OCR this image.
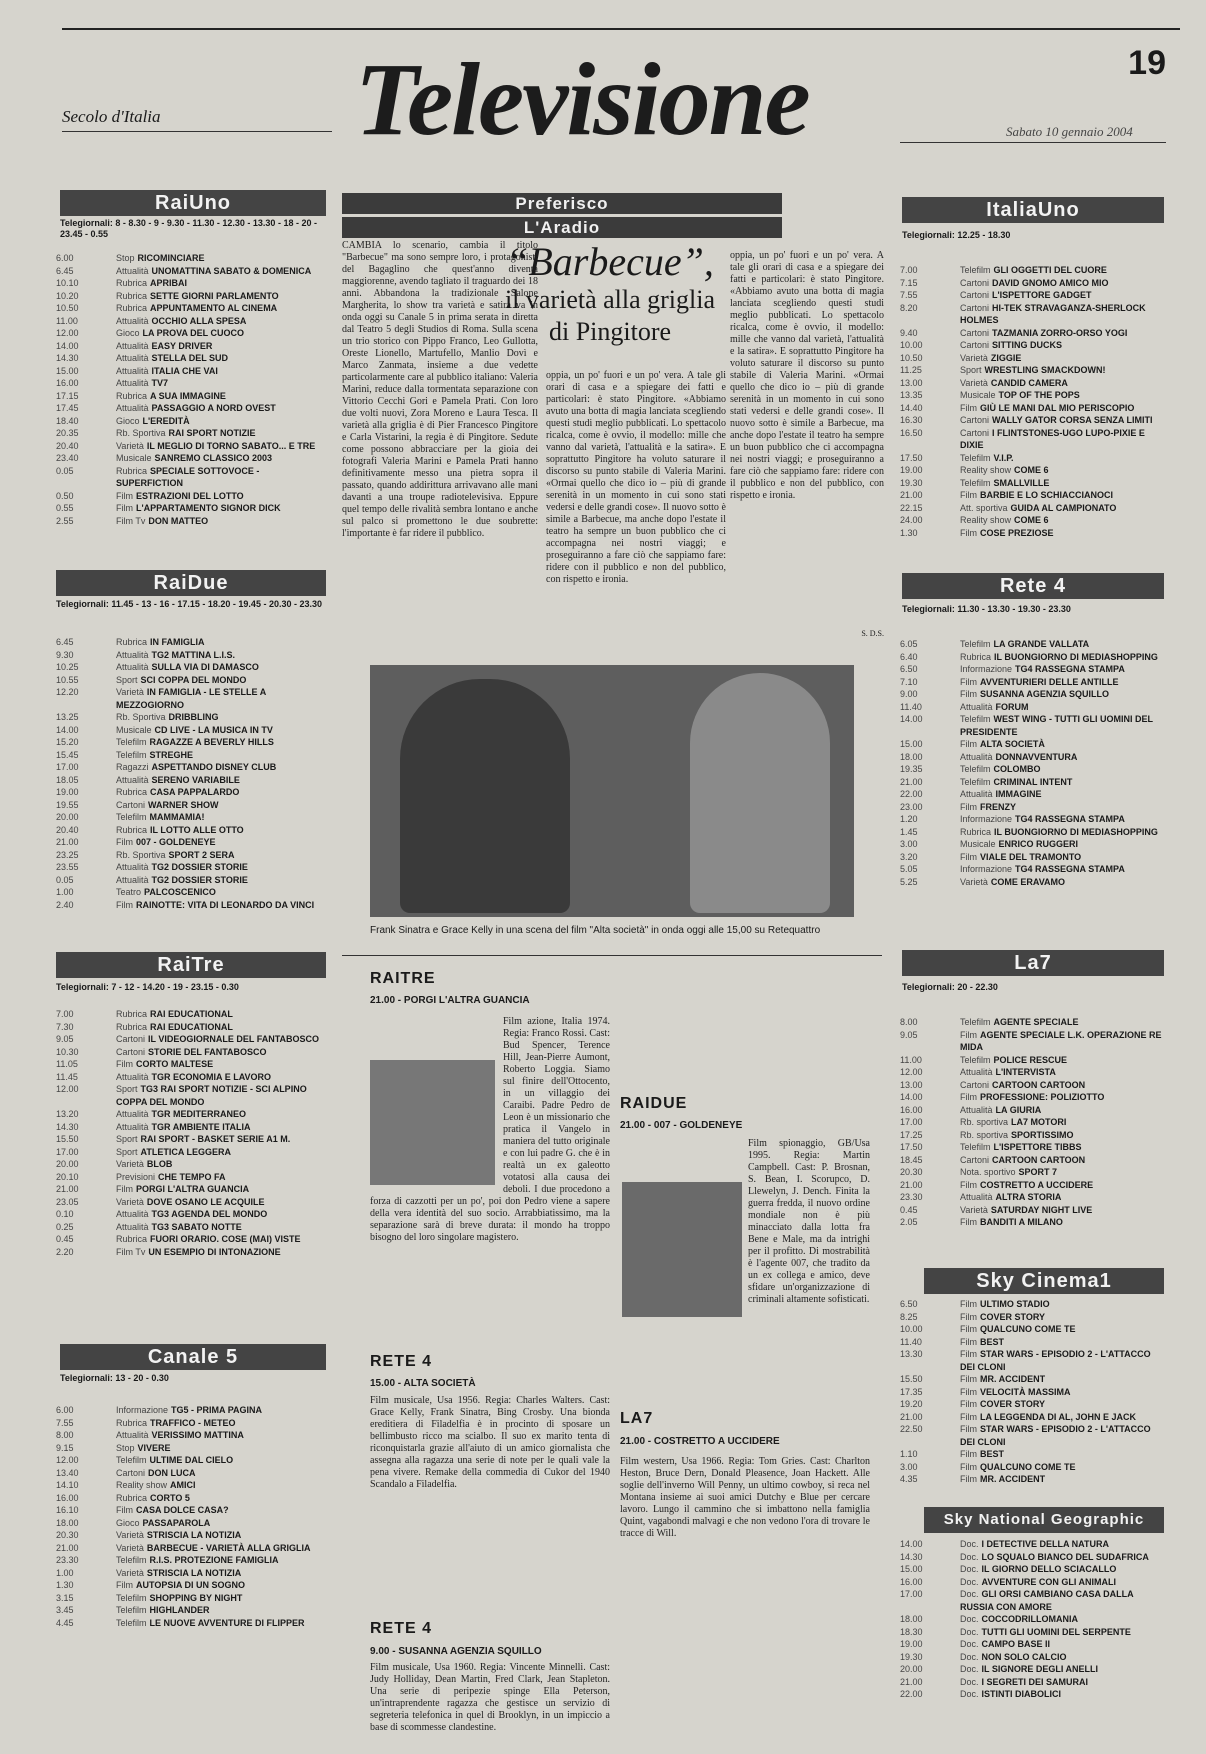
19
Secolo d'Italia Televisione	Sabato 10 gennaio 2004
RaiUno
Telegiornali: 8 - 8.30 - 9 - 9.30 - 11.30 - 12.30 - 13.30 - 18 - 20 - 23.45 - 0.55
6.00	Stop RICOMINCIARE
6.45	Attualità UNOMATTINA SABATO & DOMENICA
10.10	Rubrica APRIBAI
10.20	Rubrica SETTE GIORNI PARLAMENTO
10.50	Rubrica APPUNTAMENTO AL CINEMA
11.00	Attualità OCCHIO ALLA SPESA
12.00	Gioco LA PROVA DEL CUOCO
14.00	Attualità EASY DRIVER
14.30	Attualità STELLA DEL SUD
15.00	Attualità ITALIA CHE VAI
16.00	Attualità TV7
17.15	Rubrica A SUA IMMAGINE
17.45	Attualità PASSAGGIO A NORD OVEST
18.40	Gioco L'EREDITÀ
20.35	Rb. Sportiva RAI SPORT NOTIZIE
20.40	Varietà IL MEGLIO DI TORNO SABATO... E TRE
23.40	Musicale SANREMO CLASSICO 2003
0.05	Rubrica SPECIALE SOTTOVOCE - SUPERFICTION
0.50	Film ESTRAZIONI DEL LOTTO
0.55	Film L'APPARTAMENTO SIGNOR DICK
2.55	Film Tv DON MATTEO
RaiDue
Telegiornali: 11.45 - 13 - 16 - 17.15 - 18.20 - 19.45 - 20.30 - 23.30
6.45	Rubrica IN FAMIGLIA
9.30	Attualità TG2 MATTINA L.I.S.
10.25	Attualità SULLA VIA DI DAMASCO
10.55	Sport SCI COPPA DEL MONDO
12.20	Varietà IN FAMIGLIA - LE STELLE A MEZZOGIORNO
13.25	Rb. Sportiva DRIBBLING
14.00	Musicale CD LIVE - LA MUSICA IN TV
15.20	Telefilm RAGAZZE A BEVERLY HILLS
15.45	Telefilm STREGHE
17.00	Ragazzi ASPETTANDO DISNEY CLUB
18.05	Attualità SERENO VARIABILE
19.00	Rubrica CASA PAPPALARDO
19.55	Cartoni WARNER SHOW
20.00	Telefilm MAMMAMIA!
20.40	Rubrica IL LOTTO ALLE OTTO
21.00	Film 007 - GOLDENEYE
23.25	Rb. Sportiva SPORT 2 SERA
23.55	Attualità TG2 DOSSIER STORIE
0.05	Attualità TG2 DOSSIER STORIE
1.00	Teatro PALCOSCENICO
2.40	Film RAINOTTE: VITA DI LEONARDO DA VINCI
RaiTre
Telegiornali: 7 - 12 - 14.20 - 19 - 23.15 - 0.30
7.00	Rubrica RAI EDUCATIONAL
7.30	Rubrica RAI EDUCATIONAL
9.05	Cartoni IL VIDEOGIORNALE DEL FANTABOSCO
10.30	Cartoni STORIE DEL FANTABOSCO
11.05	Film CORTO MALTESE
11.45	Attualità TGR ECONOMIA E LAVORO
12.00	Sport TG3 RAI SPORT NOTIZIE - SCI ALPINO COPPA DEL MONDO
13.20	Attualità TGR MEDITERRANEO
14.30	Attualità TGR AMBIENTE ITALIA
15.50	Sport RAI SPORT - BASKET SERIE A1 M.
17.00	Sport ATLETICA LEGGERA
20.00	Varietà BLOB
20.10	Previsioni CHE TEMPO FA
21.00	Film PORGI L'ALTRA GUANCIA
23.05	Varietà DOVE OSANO LE ACQUILE
0.10	Attualità TG3 AGENDA DEL MONDO
0.25	Attualità TG3 SABATO NOTTE
0.45	Rubrica FUORI ORARIO. COSE (MAI) VISTE
2.20	Film Tv UN ESEMPIO DI INTONAZIONE
Canale 5
Telegiornali: 13 - 20 - 0.30
6.00	Informazione TG5 - PRIMA PAGINA
7.55	Rubrica TRAFFICO - METEO
8.00	Attualità VERISSIMO MATTINA
9.15	Stop VIVERE
12.00	Telefilm ULTIME DAL CIELO
13.40	Cartoni DON LUCA
14.10	Reality show AMICI
16.00	Rubrica CORTO 5
16.10	Film CASA DOLCE CASA?
18.00	Gioco PASSAPAROLA
20.30	Varietà STRISCIA LA NOTIZIA
21.00	Varietà BARBECUE - VARIETÀ ALLA GRIGLIA
23.30	Telefilm R.I.S. PROTEZIONE FAMIGLIA
1.00	Varietà STRISCIA LA NOTIZIA
1.30	Film AUTOPSIA DI UN SOGNO
3.15	Telefilm SHOPPING BY NIGHT
3.45	Telefilm HIGHLANDER
4.45	Telefilm LE NUOVE AVVENTURE DI FLIPPER
Preferisco
L'Aradio
CAMBIA lo scenario, cambia il titolo "Barbecue" ma sono sempre loro, i protagonisti del Bagaglino che quest'anno diventa maggiorenne, avendo tagliato il traguardo dei 18 anni. Abbandona la tradizionale Salone Margherita, lo show tra varietà e satira va in onda oggi su Canale 5 in prima serata in diretta dal Teatro 5 degli Studios di Roma. Sulla scena un trio storico con Pippo Franco, Leo Gullotta, Oreste Lionello, Martufello, Manlio Dovì e Marco Zanmata, insieme a due vedette particolarmente care al pubblico italiano: Valeria Marini, reduce dalla tormentata separazione con Vittorio Cecchi Gori e Pamela Prati. Con loro due volti nuovi, Zora Moreno e Laura Tesca. Il varietà alla griglia è di Pier Francesco Pingitore e Carla Vistarini, la regia è di Pingitore. Sedute come possono abbracciare per la gioia dei fotografi Valeria Marini e Pamela Prati hanno definitivamente messo una pietra sopra il passato, quando addirittura arrivavano alle mani davanti a una troupe radiotelevisiva. Eppure quel tempo delle rivalità sembra lontano e anche sul palco si promettono le due soubrette: l'importante è far ridere il pubblico.
“Barbecue”,
il varietà alla griglia
di Pingitore
oppia, un po' fuori e un po' vera. A tale gli orari di casa e a spiegare dei fatti e particolari: è stato Pingitore. «Abbiamo avuto una botta di magia lanciata scegliendo questi studi meglio pubblicati. Lo spettacolo ricalca, come è ovvio, il modello: mille che vanno dal varietà, l'attualità e la satira». E soprattutto Pingitore ha voluto saturare il discorso su punto stabile di Valeria Marini. «Ormai quello che dico io – più di grande serenità in un momento in cui sono stati vedersi e delle grandi cose». Il nuovo sotto è simile a Barbecue, ma anche dopo l'estate il teatro ha sempre un buon pubblico che ci accompagna nei nostri viaggi; e proseguiranno a fare ciò che sappiamo fare: ridere con il pubblico e non del pubblico, con rispetto e ironia.
oppia, un po' fuori e un po' vera. A tale gli orari di casa e a spiegare dei fatti e particolari: è stato Pingitore. «Abbiamo avuto una botta di magia lanciata scegliendo questi studi meglio pubblicati. Lo spettacolo ricalca, come è ovvio, il modello: mille che vanno dal varietà, l'attualità e la satira». E soprattutto Pingitore ha voluto saturare il discorso su punto stabile di Valeria Marini. «Ormai quello che dico io – più di grande serenità in un momento in cui sono stati vedersi e delle grandi cose». Il nuovo sotto è simile a Barbecue, ma anche dopo l'estate il teatro ha sempre un buon pubblico che ci accompagna nei nostri viaggi; e proseguiranno a fare ciò che sappiamo fare: ridere con il pubblico e non del pubblico, con rispetto e ironia.
S. D.S.
Frank Sinatra e Grace Kelly in una scena del film "Alta società" in onda oggi alle 15,00 su Retequattro
RAITRE
21.00 - PORGI L'ALTRA GUANCIA
Film azione, Italia 1974. Regia: Franco Rossi. Cast: Bud Spencer, Terence Hill, Jean-Pierre Aumont, Roberto Loggia. Siamo sul finire dell'Ottocento, in un villaggio dei Caraibi. Padre Pedro de Leon è un missionario che pratica il Vangelo in maniera del tutto originale e con lui padre G. che è in realtà un ex galeotto votatosi alla causa dei deboli. I due procedono a forza di cazzotti per un po', poi don Pedro viene a sapere della vera identità del suo socio. Arrabbiatissimo, ma la separazione sarà di breve durata: il mondo ha troppo bisogno del loro singolare magistero.
RETE 4
15.00 - ALTA SOCIETÀ
Film musicale, Usa 1956. Regia: Charles Walters. Cast: Grace Kelly, Frank Sinatra, Bing Crosby. Una bionda ereditiera di Filadelfia è in procinto di sposare un bellimbusto ricco ma scialbo. Il suo ex marito tenta di riconquistarla grazie all'aiuto di un amico giornalista che assegna alla ragazza una serie di note per le quali vale la pena vivere. Remake della commedia di Cukor del 1940 Scandalo a Filadelfia.
RETE 4
9.00 - SUSANNA AGENZIA SQUILLO
Film musicale, Usa 1960. Regia: Vincente Minnelli. Cast: Judy Holliday, Dean Martin, Fred Clark, Jean Stapleton. Una serie di peripezie spinge Ella Peterson, un'intraprendente ragazza che gestisce un servizio di segreteria telefonica in quel di Brooklyn, in un impiccio a base di scommesse clandestine.
RAIDUE
21.00 - 007 - GOLDENEYE
Film spionaggio, GB/Usa 1995. Regia: Martin Campbell. Cast: P. Brosnan, S. Bean, I. Scorupco, D. Llewelyn, J. Dench. Finita la guerra fredda, il nuovo ordine mondiale non è più minacciato dalla lotta fra Bene e Male, ma da intrighi per il profitto. Di mostrabilità è l'agente 007, che tradito da un ex collega e amico, deve sfidare un'organizzazione di criminali altamente sofisticati.
LA7
21.00 - COSTRETTO A UCCIDERE
Film western, Usa 1966. Regia: Tom Gries. Cast: Charlton Heston, Bruce Dern, Donald Pleasence, Joan Hackett. Alle soglie dell'inverno Will Penny, un ultimo cowboy, si reca nel Montana insieme ai suoi amici Dutchy e Blue per cercare lavoro. Lungo il cammino che si imbattono nella famiglia Quint, vagabondi malvagi e che non vedono l'ora di trovare le tracce di Will.
ItaliaUno
Telegiornali: 12.25 - 18.30
7.00	Telefilm GLI OGGETTI DEL CUORE
7.15	Cartoni DAVID GNOMO AMICO MIO
7.55	Cartoni L'ISPETTORE GADGET
8.20	Cartoni HI-TEK STRAVAGANZA-SHERLOCK HOLMES
9.40	Cartoni TAZMANIA ZORRO-ORSO YOGI
10.00	Cartoni SITTING DUCKS
10.50	Varietà ZIGGIE
11.25	Sport WRESTLING SMACKDOWN!
13.00	Varietà CANDID CAMERA
13.35	Musicale TOP OF THE POPS
14.40	Film GIÙ LE MANI DAL MIO PERISCOPIO
16.30	Cartoni WALLY GATOR CORSA SENZA LIMITI
16.50	Cartoni I FLINTSTONES-UGO LUPO-PIXIE E DIXIE
17.50	Telefilm V.I.P.
19.00	Reality show COME 6
19.30	Telefilm SMALLVILLE
21.00	Film BARBIE E LO SCHIACCIANOCI
22.15	Att. sportiva GUIDA AL CAMPIONATO
24.00	Reality show COME 6
1.30	Film COSE PREZIOSE
Rete 4
Telegiornali: 11.30 - 13.30 - 19.30 - 23.30
6.05	Telefilm LA GRANDE VALLATA
6.40	Rubrica IL BUONGIORNO DI MEDIASHOPPING
6.50	Informazione TG4 RASSEGNA STAMPA
7.10	Film AVVENTURIERI DELLE ANTILLE
9.00	Film SUSANNA AGENZIA SQUILLO
11.40	Attualità FORUM
14.00	Telefilm WEST WING - TUTTI GLI UOMINI DEL PRESIDENTE
15.00	Film ALTA SOCIETÀ
18.00	Attualità DONNAVVENTURA
19.35	Telefilm COLOMBO
21.00	Telefilm CRIMINAL INTENT
22.00	Attualità IMMAGINE
23.00	Film FRENZY
1.20	Informazione TG4 RASSEGNA STAMPA
1.45	Rubrica IL BUONGIORNO DI MEDIASHOPPING
3.00	Musicale ENRICO RUGGERI
3.20	Film VIALE DEL TRAMONTO
5.05	Informazione TG4 RASSEGNA STAMPA
5.25	Varietà COME ERAVAMO
La7
Telegiornali: 20 - 22.30
8.00	Telefilm AGENTE SPECIALE
9.05	Film AGENTE SPECIALE L.K. OPERAZIONE RE MIDA
11.00	Telefilm POLICE RESCUE
12.00	Attualità L'INTERVISTA
13.00	Cartoni CARTOON CARTOON
14.00	Film PROFESSIONE: POLIZIOTTO
16.00	Attualità LA GIURIA
17.00	Rb. sportiva LA7 MOTORI
17.25	Rb. sportiva SPORTISSIMO
17.50	Telefilm L'ISPETTORE TIBBS
18.45	Cartoni CARTOON CARTOON
20.30	Nota. sportivo SPORT 7
21.00	Film COSTRETTO A UCCIDERE
23.30	Attualità ALTRA STORIA
0.45	Varietà SATURDAY NIGHT LIVE
2.05	Film BANDITI A MILANO
Sky Cinema1
6.50	Film ULTIMO STADIO
8.25	Film COVER STORY
10.00	Film QUALCUNO COME TE
11.40	Film BEST
13.30	Film STAR WARS - EPISODIO 2 - L'ATTACCO DEI CLONI
15.50	Film MR. ACCIDENT
17.35	Film VELOCITÀ MASSIMA
19.20	Film COVER STORY
21.00	Film LA LEGGENDA DI AL, JOHN E JACK
22.50	Film STAR WARS - EPISODIO 2 - L'ATTACCO DEI CLONI
1.10	Film BEST
3.00	Film QUALCUNO COME TE
4.35	Film MR. ACCIDENT
Sky National Geographic
14.00	Doc. I DETECTIVE DELLA NATURA
14.30	Doc. LO SQUALO BIANCO DEL SUDAFRICA
15.00	Doc. IL GIORNO DELLO SCIACALLO
16.00	Doc. AVVENTURE CON GLI ANIMALI
17.00	Doc. GLI ORSI CAMBIANO CASA DALLA RUSSIA CON AMORE
18.00	Doc. COCCODRILLOMANIA
18.30	Doc. TUTTI GLI UOMINI DEL SERPENTE
19.00	Doc. CAMPO BASE II
19.30	Doc. NON SOLO CALCIO
20.00	Doc. IL SIGNORE DEGLI ANELLI
21.00	Doc. I SEGRETI DEI SAMURAI
22.00	Doc. ISTINTI DIABOLICI
